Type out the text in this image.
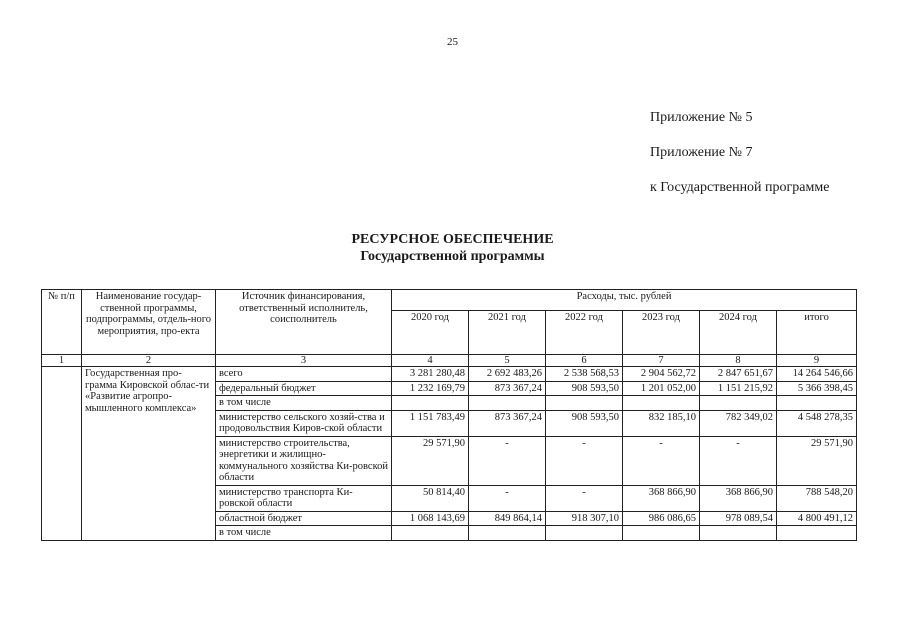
25
Приложение № 5
Приложение № 7
к Государственной программе
РЕСУРСНОЕ ОБЕСПЕЧЕНИЕ
Государственной программы
№ п/п	Наименование государ-ственной программы, подпрограммы, отдель-ного мероприятия, про-екта	Источник финансирования, ответственный исполнитель, соисполнитель	Расходы, тыс. рублей					
			2020 год	2021 год	2022 год	2023 год	2024 год	итого
1	2	3	4	5	6	7	8	9
	Государственная про-грамма Кировской облас-ти «Развитие агропро-мышленного комплекса»	всего	3 281 280,48	2 692 483,26	2 538 568,53	2 904 562,72	2 847 651,67	14 264 546,66
		федеральный бюджет	1 232 169,79	873 367,24	908 593,50	1 201 052,00	1 151 215,92	5 366 398,45
		в том числе						
		министерство сельского хозяй-ства и продовольствия Киров-ской области	1 151 783,49	873 367,24	908 593,50	832 185,10	782 349,02	4 548 278,35
		министерство строительства, энергетики и жилищно-коммунального хозяйства Ки-ровской области	29 571,90	-	-	-	-	29 571,90
		министерство транспорта Ки-ровской области	50 814,40	-	-	368 866,90	368 866,90	788 548,20
		областной бюджет	1 068 143,69	849 864,14	918 307,10	986 086,65	978 089,54	4 800 491,12
		в том числе						
